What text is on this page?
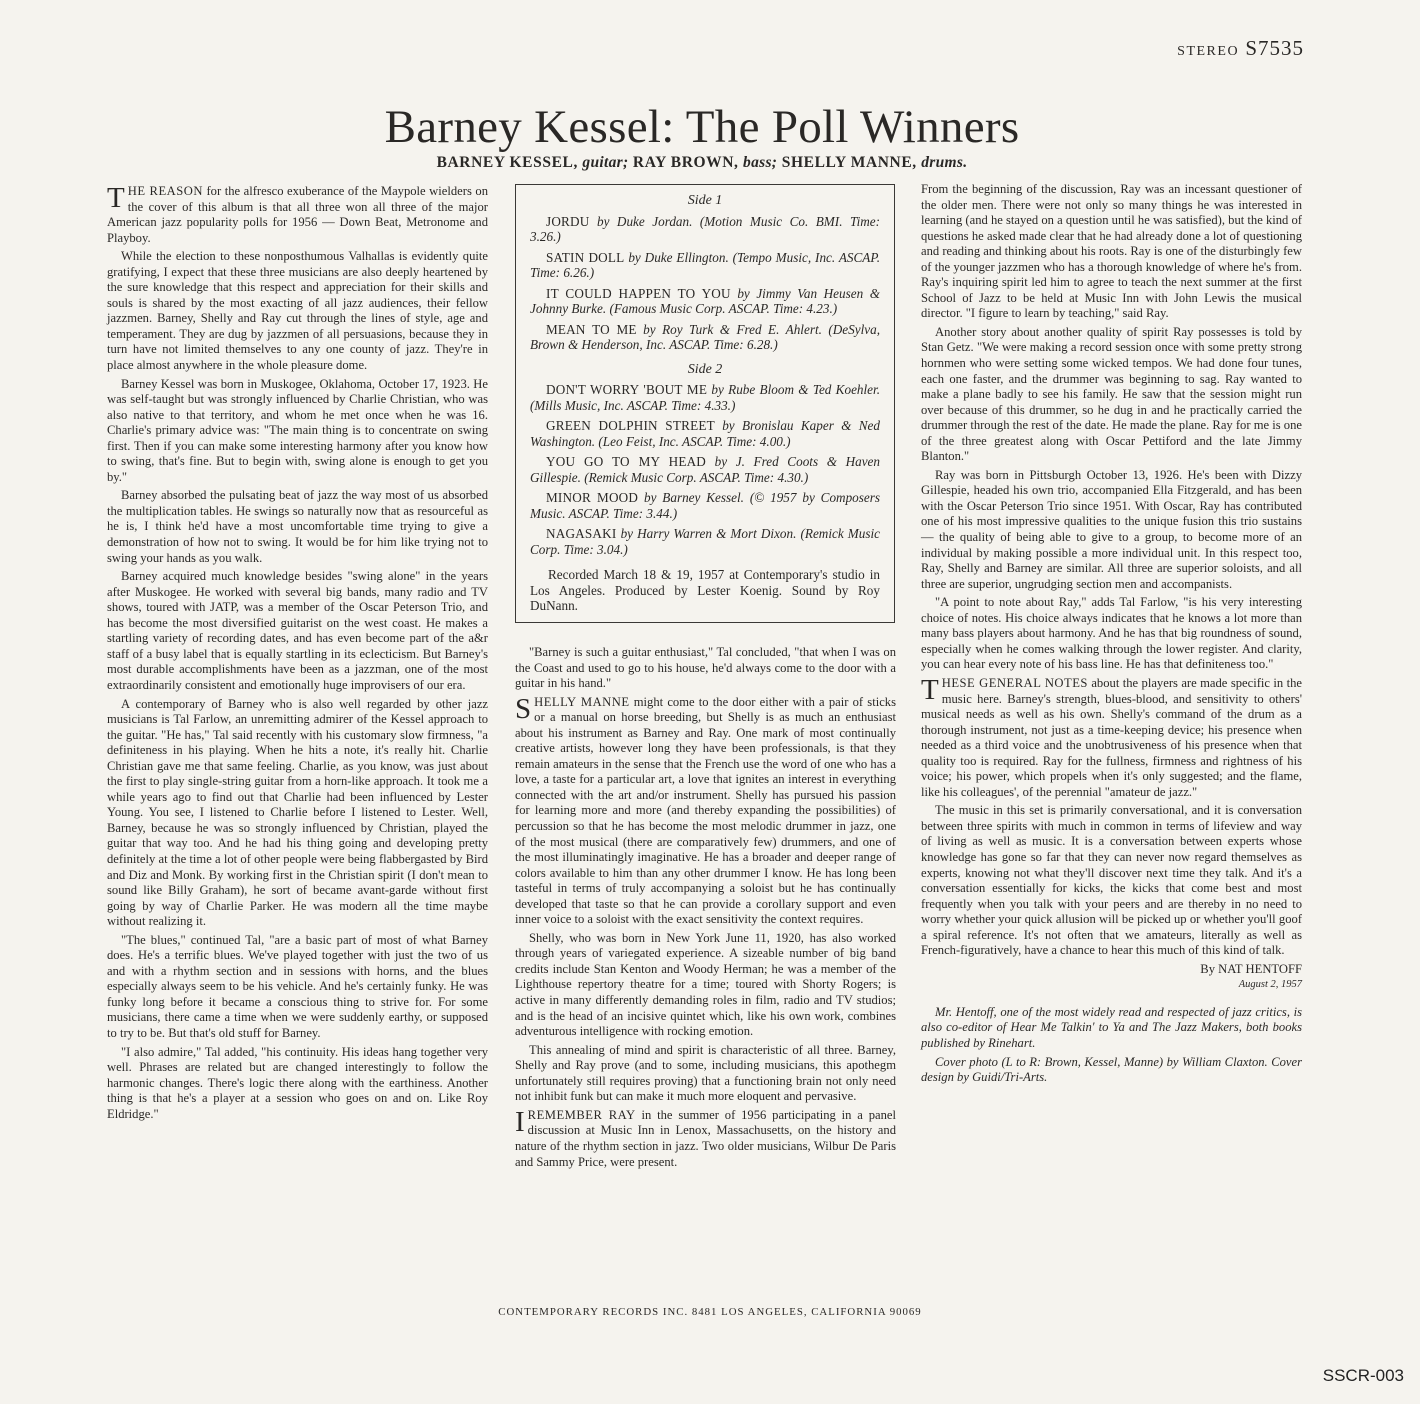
STEREO S7535
Barney Kessel: The Poll Winners
BARNEY KESSEL, guitar; RAY BROWN, bass; SHELLY MANNE, drums.

THE REASON for the alfresco exuberance of the Maypole wielders on the cover of this album is that all three won all three of the major American jazz popularity polls for 1956 — Down Beat, Metronome and Playboy.

While the election to these nonposthumous Valhallas is evidently quite gratifying, I expect that these three musicians are also deeply heartened by the sure knowledge that this respect and appreciation for their skills and souls is shared by the most exacting of all jazz audiences, their fellow jazzmen. Barney, Shelly and Ray cut through the lines of style, age and temperament. They are dug by jazzmen of all persuasions, because they in turn have not limited themselves to any one county of jazz. They're in place almost anywhere in the whole pleasure dome.

Barney Kessel was born in Muskogee, Oklahoma, October 17, 1923. He was self-taught but was strongly influenced by Charlie Christian, who was also native to that territory, and whom he met once when he was 16. Charlie's primary advice was: "The main thing is to concentrate on swing first. Then if you can make some interesting harmony after you know how to swing, that's fine. But to begin with, swing alone is enough to get you by."

Barney absorbed the pulsating beat of jazz the way most of us absorbed the multiplication tables. He swings so naturally now that as resourceful as he is, I think he'd have a most uncomfortable time trying to give a demonstration of how not to swing. It would be for him like trying not to swing your hands as you walk.

Barney acquired much knowledge besides "swing alone" in the years after Muskogee. He worked with several big bands, many radio and TV shows, toured with JATP, was a member of the Oscar Peterson Trio, and has become the most diversified guitarist on the west coast. He makes a startling variety of recording dates, and has even become part of the a&r staff of a busy label that is equally startling in its eclecticism. But Barney's most durable accomplishments have been as a jazzman, one of the most extraordinarily consistent and emotionally huge improvisers of our era.

A contemporary of Barney who is also well regarded by other jazz musicians is Tal Farlow, an unremitting admirer of the Kessel approach to the guitar. "He has," Tal said recently with his customary slow firmness, "a definiteness in his playing. When he hits a note, it's really hit. Charlie Christian gave me that same feeling. Charlie, as you know, was just about the first to play single-string guitar from a horn-like approach. It took me a while years ago to find out that Charlie had been influenced by Lester Young. You see, I listened to Charlie before I listened to Lester. Well, Barney, because he was so strongly influenced by Christian, played the guitar that way too. And he had his thing going and developing pretty definitely at the time a lot of other people were being flabbergasted by Bird and Diz and Monk. By working first in the Christian spirit (I don't mean to sound like Billy Graham), he sort of became avant-garde without first going by way of Charlie Parker. He was modern all the time maybe without realizing it.

"The blues," continued Tal, "are a basic part of most of what Barney does. He's a terrific blues. We've played together with just the two of us and with a rhythm section and in sessions with horns, and the blues especially always seem to be his vehicle. And he's certainly funky. He was funky long before it became a conscious thing to strive for. For some musicians, there came a time when we were suddenly earthy, or supposed to try to be. But that's old stuff for Barney.

"I also admire," Tal added, "his continuity. His ideas hang together very well. Phrases are related but are changed interestingly to follow the harmonic changes. There's logic there along with the earthiness. Another thing is that he's a player at a session who goes on and on. Like Roy Eldridge."

Side 1
JORDU by Duke Jordan. (Motion Music Co. BMI. Time: 3.26.)
SATIN DOLL by Duke Ellington. (Tempo Music, Inc. ASCAP. Time: 6.26.)
IT COULD HAPPEN TO YOU by Jimmy Van Heusen & Johnny Burke. (Famous Music Corp. ASCAP. Time: 4.23.)
MEAN TO ME by Roy Turk & Fred E. Ahlert. (DeSylva, Brown & Henderson, Inc. ASCAP. Time: 6.28.)
Side 2
DON'T WORRY 'BOUT ME by Rube Bloom & Ted Koehler. (Mills Music, Inc. ASCAP. Time: 4.33.)
GREEN DOLPHIN STREET by Bronislau Kaper & Ned Washington. (Leo Feist, Inc. ASCAP. Time: 4.00.)
YOU GO TO MY HEAD by J. Fred Coots & Haven Gillespie. (Remick Music Corp. ASCAP. Time: 4.30.)
MINOR MOOD by Barney Kessel. (© 1957 by Composers Music. ASCAP. Time: 3.44.)
NAGASAKI by Harry Warren & Mort Dixon. (Remick Music Corp. Time: 3.04.)
Recorded March 18 & 19, 1957 at Contemporary's studio in Los Angeles. Produced by Lester Koenig. Sound by Roy DuNann.

"Barney is such a guitar enthusiast," Tal concluded, "that when I was on the Coast and used to go to his house, he'd always come to the door with a guitar in his hand."

SHELLY MANNE might come to the door either with a pair of sticks or a manual on horse breeding, but Shelly is as much an enthusiast about his instrument as Barney and Ray. One mark of most continually creative artists, however long they have been professionals, is that they remain amateurs in the sense that the French use the word of one who has a love, a taste for a particular art, a love that ignites an interest in everything connected with the art and/or instrument. Shelly has pursued his passion for learning more and more (and thereby expanding the possibilities) of percussion so that he has become the most melodic drummer in jazz, one of the most musical (there are comparatively few) drummers, and one of the most illuminatingly imaginative. He has a broader and deeper range of colors available to him than any other drummer I know. He has long been tasteful in terms of truly accompanying a soloist but he has continually developed that taste so that he can provide a corollary support and even inner voice to a soloist with the exact sensitivity the context requires.

Shelly, who was born in New York June 11, 1920, has also worked through years of variegated experience. A sizeable number of big band credits include Stan Kenton and Woody Herman; he was a member of the Lighthouse repertory theatre for a time; toured with Shorty Rogers; is active in many differently demanding roles in film, radio and TV studios; and is the head of an incisive quintet which, like his own work, combines adventurous intelligence with rocking emotion.

This annealing of mind and spirit is characteristic of all three. Barney, Shelly and Ray prove (and to some, including musicians, this apothegm unfortunately still requires proving) that a functioning brain not only need not inhibit funk but can make it much more eloquent and pervasive.

I REMEMBER RAY in the summer of 1956 participating in a panel discussion at Music Inn in Lenox, Massachusetts, on the history and nature of the rhythm section in jazz. Two older musicians, Wilbur De Paris and Sammy Price, were present.

From the beginning of the discussion, Ray was an incessant questioner of the older men. There were not only so many things he was interested in learning (and he stayed on a question until he was satisfied), but the kind of questions he asked made clear that he had already done a lot of questioning and reading and thinking about his roots. Ray is one of the disturbingly few of the younger jazzmen who has a thorough knowledge of where he's from. Ray's inquiring spirit led him to agree to teach the next summer at the first School of Jazz to be held at Music Inn with John Lewis the musical director. "I figure to learn by teaching," said Ray.

Another story about another quality of spirit Ray possesses is told by Stan Getz. "We were making a record session once with some pretty strong hornmen who were setting some wicked tempos. We had done four tunes, each one faster, and the drummer was beginning to sag. Ray wanted to make a plane badly to see his family. He saw that the session might run over because of this drummer, so he dug in and he practically carried the drummer through the rest of the date. He made the plane. Ray for me is one of the three greatest along with Oscar Pettiford and the late Jimmy Blanton."

Ray was born in Pittsburgh October 13, 1926. He's been with Dizzy Gillespie, headed his own trio, accompanied Ella Fitzgerald, and has been with the Oscar Peterson Trio since 1951. With Oscar, Ray has contributed one of his most impressive qualities to the unique fusion this trio sustains — the quality of being able to give to a group, to become more of an individual by making possible a more individual unit. In this respect too, Ray, Shelly and Barney are similar. All three are superior soloists, and all three are superior, ungrudging section men and accompanists.

"A point to note about Ray," adds Tal Farlow, "is his very interesting choice of notes. His choice always indicates that he knows a lot more than many bass players about harmony. And he has that big roundness of sound, especially when he comes walking through the lower register. And clarity, you can hear every note of his bass line. He has that definiteness too."

THESE GENERAL NOTES about the players are made specific in the music here. Barney's strength, blues-blood, and sensitivity to others' musical needs as well as his own. Shelly's command of the drum as a thorough instrument, not just as a time-keeping device; his presence when needed as a third voice and the unobtrusiveness of his presence when that quality too is required. Ray for the fullness, firmness and rightness of his voice; his power, which propels when it's only suggested; and the flame, like his colleagues', of the perennial "amateur de jazz."

The music in this set is primarily conversational, and it is conversation between three spirits with much in common in terms of lifeview and way of living as well as music. It is a conversation between experts whose knowledge has gone so far that they can never now regard themselves as experts, knowing not what they'll discover next time they talk. And it's a conversation essentially for kicks, the kicks that come best and most frequently when you talk with your peers and are thereby in no need to worry whether your quick allusion will be picked up or whether you'll goof a spiral reference. It's not often that we amateurs, literally as well as French-figuratively, have a chance to hear this much of this kind of talk.

By NAT HENTOFF
August 2, 1957

Mr. Hentoff, one of the most widely read and respected of jazz critics, is also co-editor of Hear Me Talkin' to Ya and The Jazz Makers, both books published by Rinehart.

Cover photo (L to R: Brown, Kessel, Manne) by William Claxton. Cover design by Guidi/Tri-Arts.

CONTEMPORARY RECORDS INC. 8481 LOS ANGELES, CALIFORNIA 90069
SSCR-003
